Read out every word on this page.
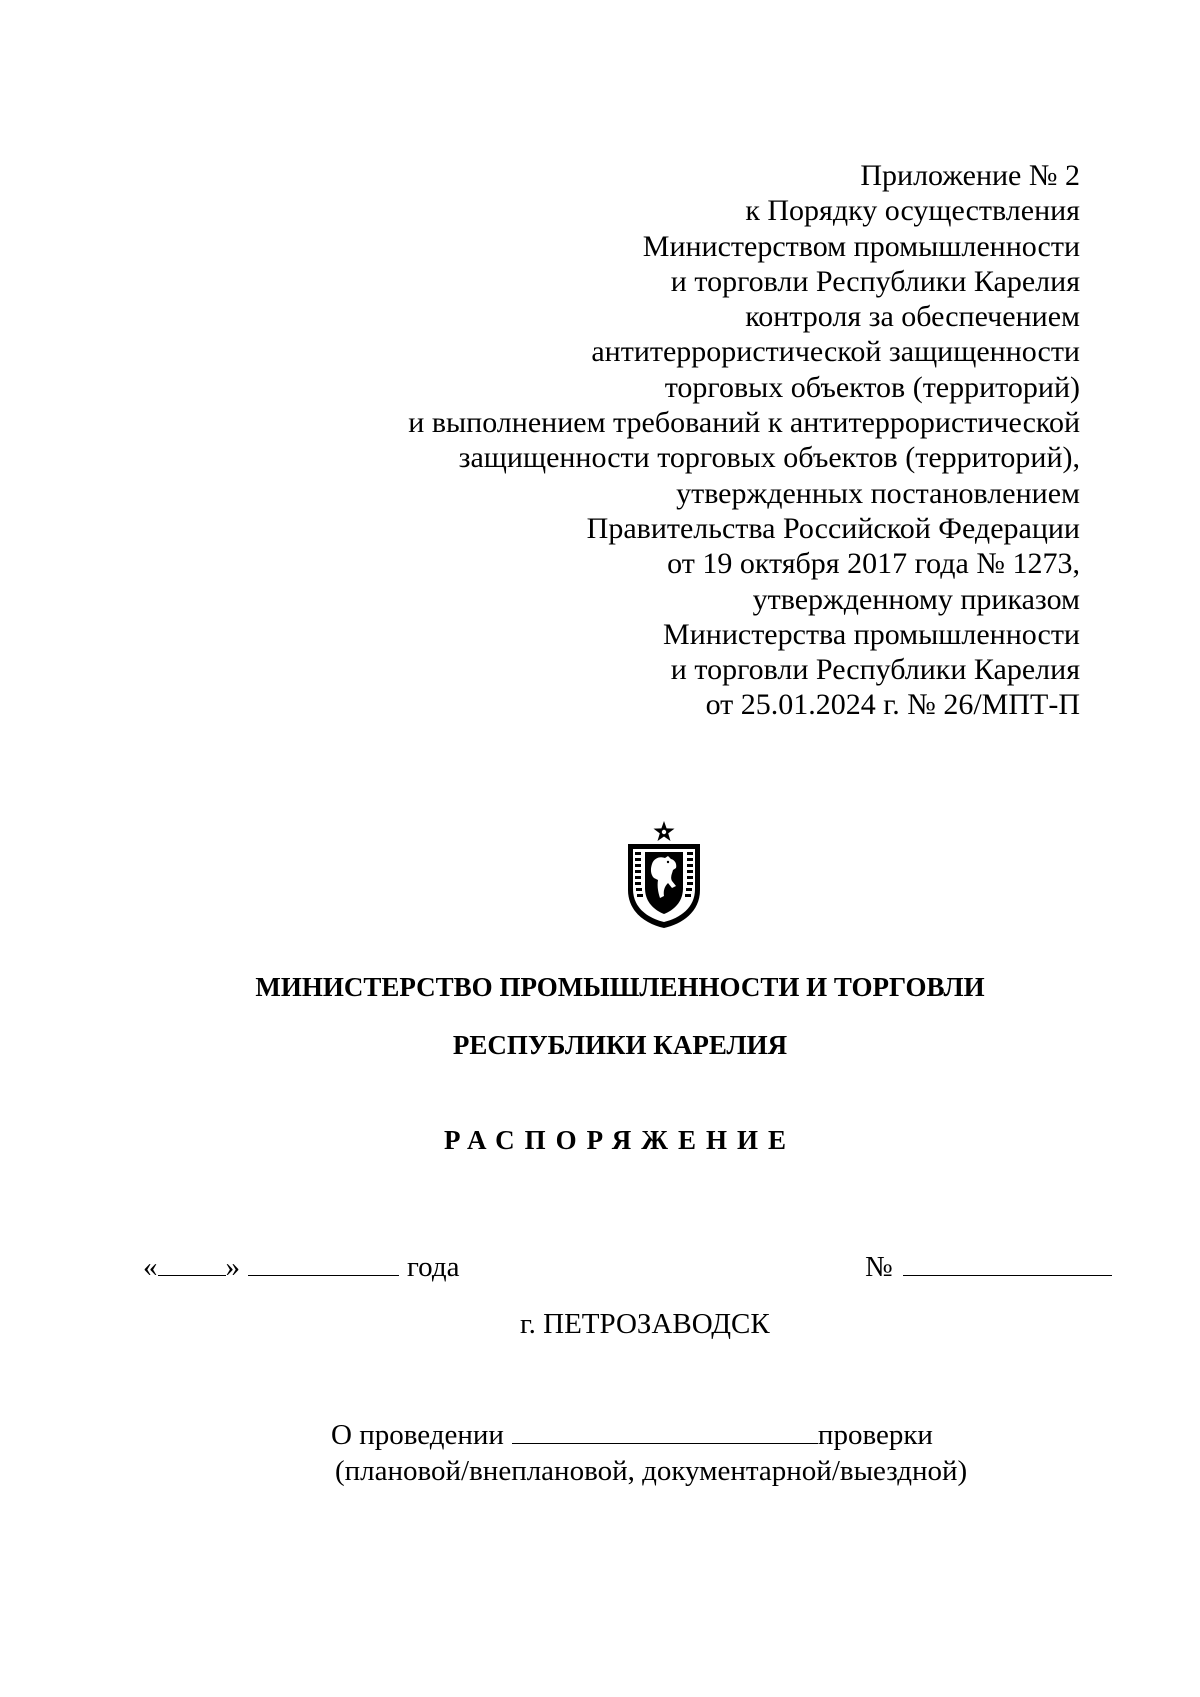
Приложение № 2
к Порядку осуществления
Министерством промышленности
и торговли Республики Карелия
контроля за обеспечением
антитеррористической защищенности
торговых объектов (территорий)
и выполнением требований к антитеррористической
защищенности торговых объектов (территорий),
утвержденных постановлением
Правительства Российской Федерации
от 19 октября 2017 года № 1273,
утвержденному приказом
Министерства промышленности
и торговли Республики Карелия
от 25.01.2024 г. № 26/МПТ-П
МИНИСТЕРСТВО ПРОМЫШЛЕННОСТИ И ТОРГОВЛИ
РЕСПУБЛИКИ КАРЕЛИЯ
РАСПОРЯЖЕНИЕ
« »	года	№
г. ПЕТРОЗАВОДСК
О проведении	проверки
(плановой/внеплановой, документарной/выездной)
